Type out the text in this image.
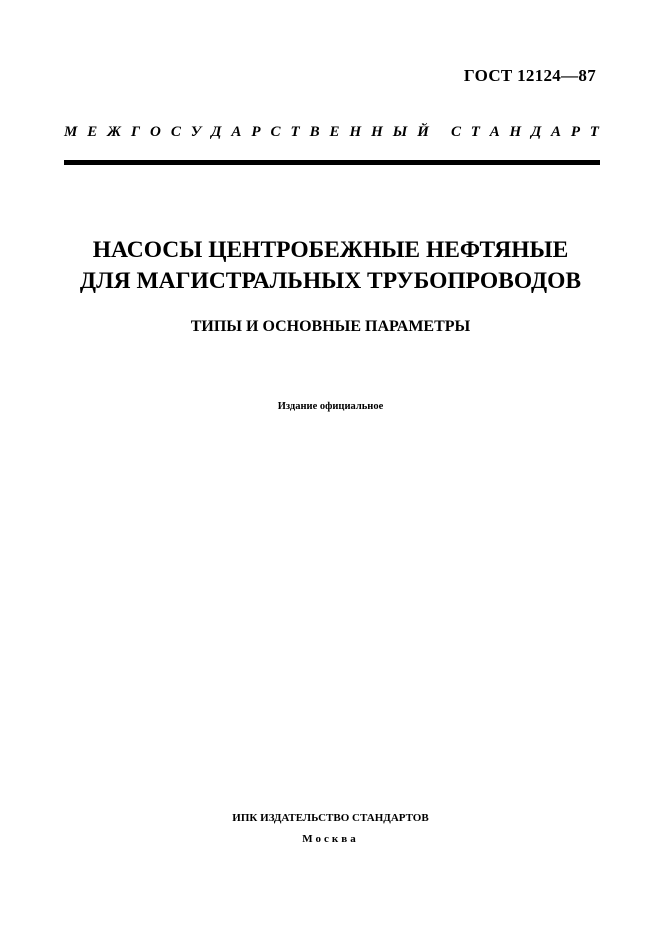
ГОСТ 12124—87
М Е Ж Г О С У Д А Р С Т В Е Н Н Ы Й С Т А Н Д А Р Т
НАСОСЫ ЦЕНТРОБЕЖНЫЕ НЕФТЯНЫЕ
ДЛЯ МАГИСТРАЛЬНЫХ ТРУБОПРОВОДОВ
ТИПЫ И ОСНОВНЫЕ ПАРАМЕТРЫ
Издание официальное
ИПК ИЗДАТЕЛЬСТВО СТАНДАРТОВ
Москва
